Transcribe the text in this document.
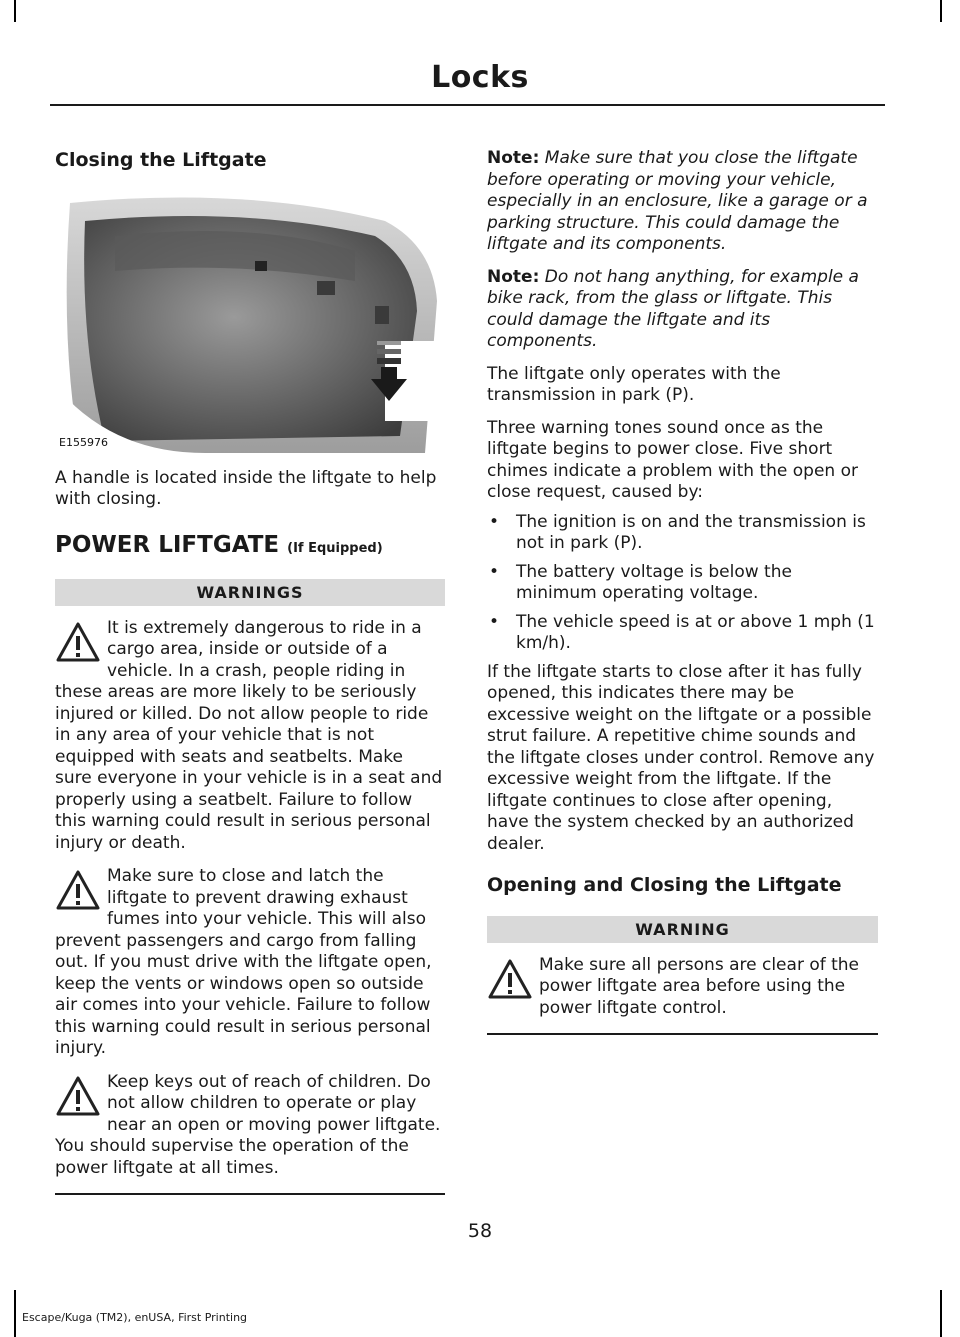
Locks
Closing the Liftgate
E155976

A handle is located inside the liftgate to help with closing.

POWER LIFTGATE (If Equipped)
WARNINGS

It is extremely dangerous to ride in a cargo area, inside or outside of a vehicle. In a crash, people riding in these areas are more likely to be seriously injured or killed. Do not allow people to ride in any area of your vehicle that is not equipped with seats and seatbelts. Make sure everyone in your vehicle is in a seat and properly using a seatbelt. Failure to follow this warning could result in serious personal injury or death.

Make sure to close and latch the liftgate to prevent drawing exhaust fumes into your vehicle. This will also prevent passengers and cargo from falling out. If you must drive with the liftgate open, keep the vents or windows open so outside air comes into your vehicle. Failure to follow this warning could result in serious personal injury.

Keep keys out of reach of children. Do not allow children to operate or play near an open or moving power liftgate. You should supervise the operation of the power liftgate at all times.

Note: Make sure that you close the liftgate before operating or moving your vehicle, especially in an enclosure, like a garage or a parking structure. This could damage the liftgate and its components.

Note: Do not hang anything, for example a bike rack, from the glass or liftgate. This could damage the liftgate and its components.

The liftgate only operates with the transmission in park (P).

Three warning tones sound once as the liftgate begins to power close. Five short chimes indicate a problem with the open or close request, caused by:

• The ignition is on and the transmission is not in park (P).
• The battery voltage is below the minimum operating voltage.
• The vehicle speed is at or above 1 mph (1 km/h).

If the liftgate starts to close after it has fully opened, this indicates there may be excessive weight on the liftgate or a possible strut failure. A repetitive chime sounds and the liftgate closes under control. Remove any excessive weight from the liftgate. If the liftgate continues to close after opening, have the system checked by an authorized dealer.

Opening and Closing the Liftgate
WARNING

Make sure all persons are clear of the power liftgate area before using the power liftgate control.

58
Escape/Kuga (TM2), enUSA, First Printing
